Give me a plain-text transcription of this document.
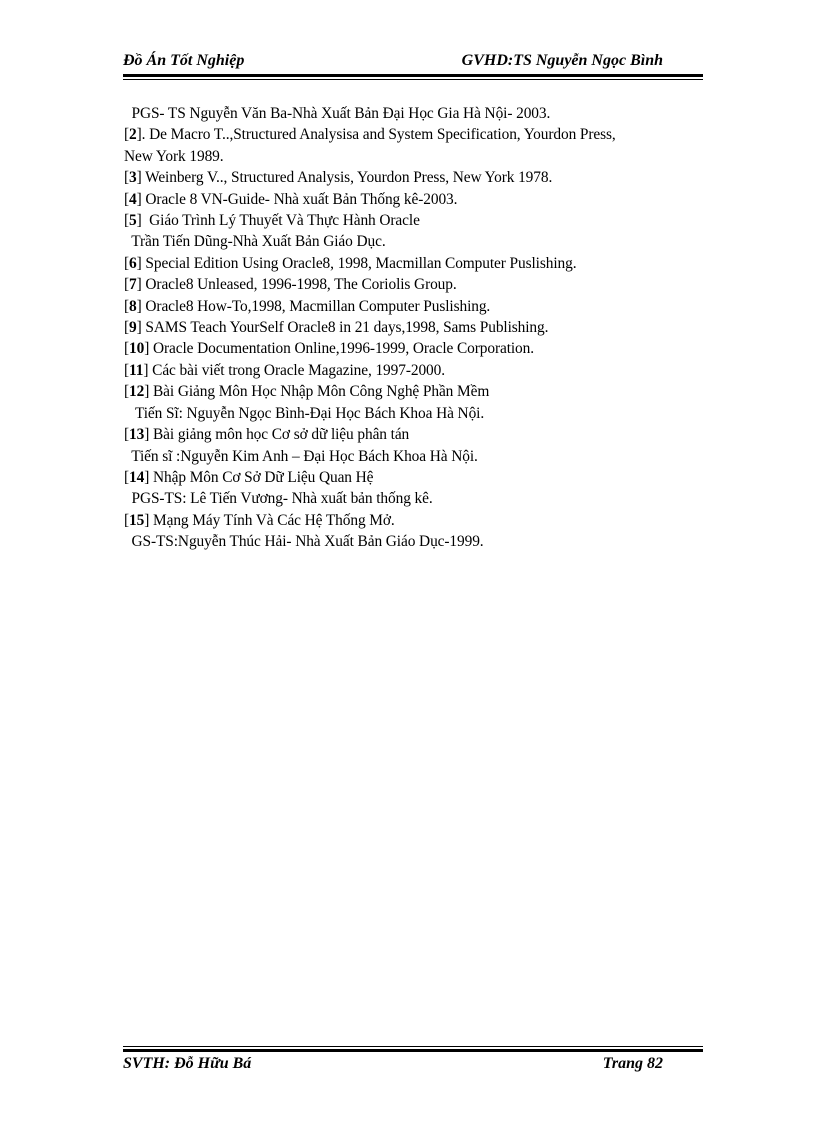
Đồ Án Tốt Nghiệp	GVHD:TS Nguyễn Ngọc Bình
PGS- TS Nguyễn Văn Ba-Nhà Xuất Bản Đại Học Gia Hà Nội- 2003.
[2]. De Macro T..,Structured Analysisa and System Specification, Yourdon Press,
New York 1989.
[3] Weinberg V.., Structured Analysis, Yourdon Press, New York 1978.
[4] Oracle 8 VN-Guide- Nhà xuất Bản Thống kê-2003.
[5]  Giáo Trình Lý Thuyết Và Thực Hành Oracle
Trần Tiến Dũng-Nhà Xuất Bản Giáo Dục.
[6] Special Edition Using Oracle8, 1998, Macmillan Computer Puslishing.
[7] Oracle8 Unleased, 1996-1998, The Coriolis Group.
[8] Oracle8 How-To,1998, Macmillan Computer Puslishing.
[9] SAMS Teach YourSelf Oracle8 in 21 days,1998, Sams Publishing.
[10] Oracle Documentation Online,1996-1999, Oracle Corporation.
[11] Các bài viết trong Oracle Magazine, 1997-2000.
[12] Bài Giảng Môn Học Nhập Môn Công Nghệ Phần Mềm
Tiến Sĩ: Nguyễn Ngọc Bình-Đại Học Bách Khoa Hà Nội.
[13] Bài giảng môn học Cơ sở dữ liệu phân tán
Tiến sĩ :Nguyễn Kim Anh – Đại Học Bách Khoa Hà Nội.
[14] Nhập Môn Cơ Sở Dữ Liệu Quan Hệ
PGS-TS: Lê Tiến Vương- Nhà xuất bản thống kê.
[15] Mạng Máy Tính Và Các Hệ Thống Mở.
GS-TS:Nguyễn Thúc Hải- Nhà Xuất Bản Giáo Dục-1999.
SVTH: Đỗ Hữu Bá	Trang 82
